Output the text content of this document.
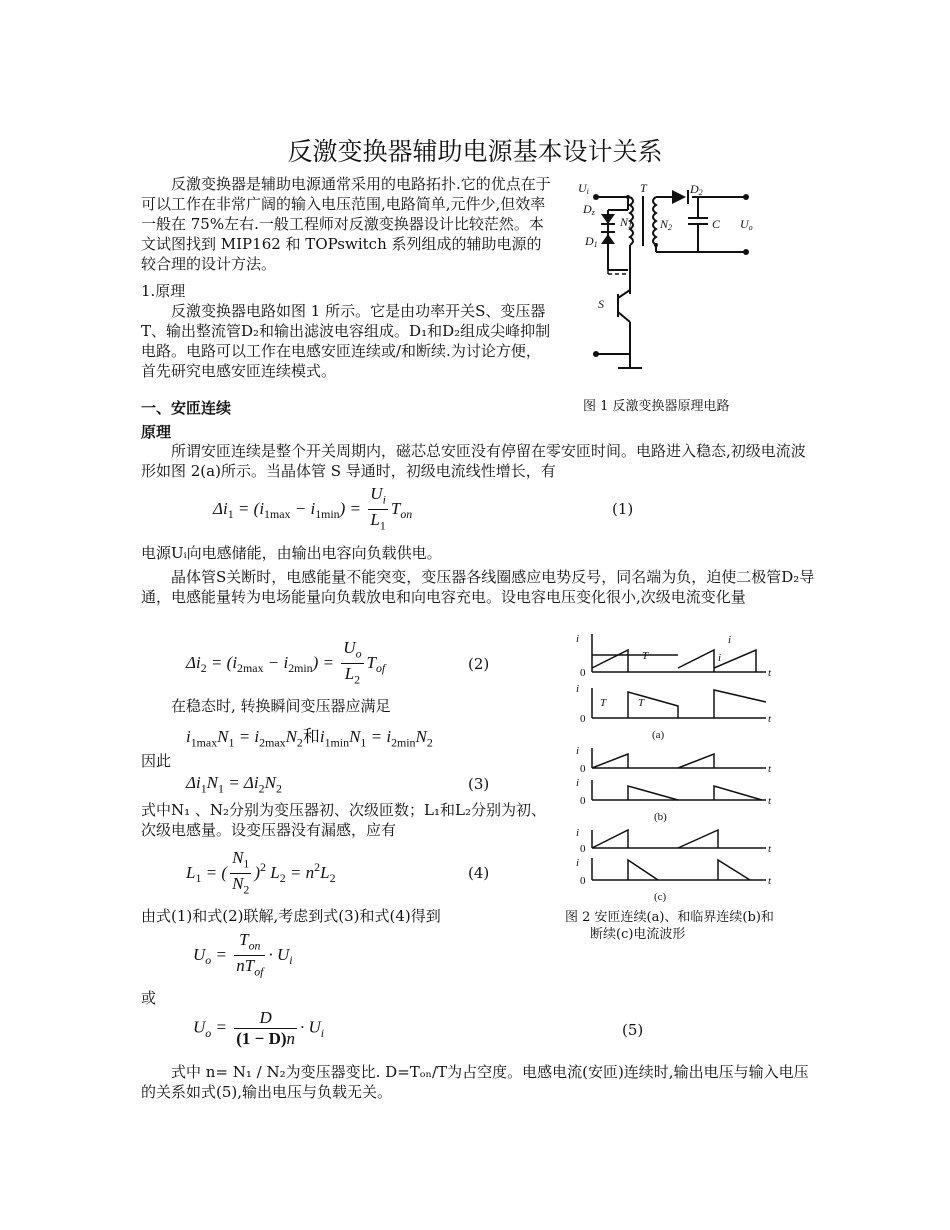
反激变换器辅助电源基本设计关系

反激变换器是辅助电源通常采用的电路拓扑.它的优点在于可以工作在非常广阔的输入电压范围,电路简单,元件少,但效率一般在 75%左右.一般工程师对反激变换器设计比较茫然。本文试图找到 MIP162 和 TOPswitch 系列组成的辅助电源的较合理的设计方法。

1.原理

反激变换器电路如图 1 所示。它是由功率开关S、变压器T、输出整流管D₂和输出滤波电容组成。D₁和D₂组成尖峰抑制电路。电路可以工作在电感安匝连续或/和断续.为讨论方便，首先研究电感安匝连续模式。

Ui
Dz
D1
N1
T	D2
N2	C Uo
S
图 1 反激变换器原理电路
一、安匝连续
原理

所谓安匝连续是整个开关周期内，磁芯总安匝没有停留在零安匝时间。电路进入稳态,初级电流波形如图 2(a)所示。当晶体管 S 导通时，初级电流线性增长，有

$\Delta i_1 = (i_{1max} - i_{1min}) = \frac{U_i}{L_1} T_{on}$	(1)

电源Uᵢ向电感储能，由输出电容向负载供电。

晶体管S关断时，电感能量不能突变，变压器各线圈感应电势反号，同名端为负，迫使二极管D₂导通，电感能量转为电场能量向负载放电和向电容充电。设电容电压变化很小,次级电流变化量

$\Delta i_2 = (i_{2max} - i_{2min}) = \frac{U_o}{L_2} T_{of}$	(2)

在稳态时, 转换瞬间变压器应满足

$i_{1max}N_1 = i_{2max}N_2$和$i_{1min}N_1 = i_{2min}N_2$

因此

$\Delta i_1N_1 = \Delta i_2N_2$	(3)

式中N₁ 、N₂分别为变压器初、次级匝数；L₁和L₂分别为初、次级电感量。设变压器没有漏感，应有

$L_1$ = ( $\frac{N_1}{N_2} )^2$ $L_2 = n^2L_2$	(4)

由式(1)和式(2)联解,考虑到式(3)和式(4)得到

$U_o = \frac{T_{on}}{nT_{of}} \cdot U_i$

或

$U_o = \frac{D}{(1 - D)n} \cdot U_i$	(5)

式中 n= N₁ / N₂为变压器变比. D=Tₒₙ/T为占空度。电感电流(安匝)连续时,输出电压与输入电压的关系如式(5),输出电压与负载无关。

i
0	t
T
i
i
i
0	t
T	T
(a)
i
0	t
i
0	t
(b)
i
0	t
i
0	t
(c)
图 2 安匝连续(a)、和临界连续(b)和
断续(c)电流波形
